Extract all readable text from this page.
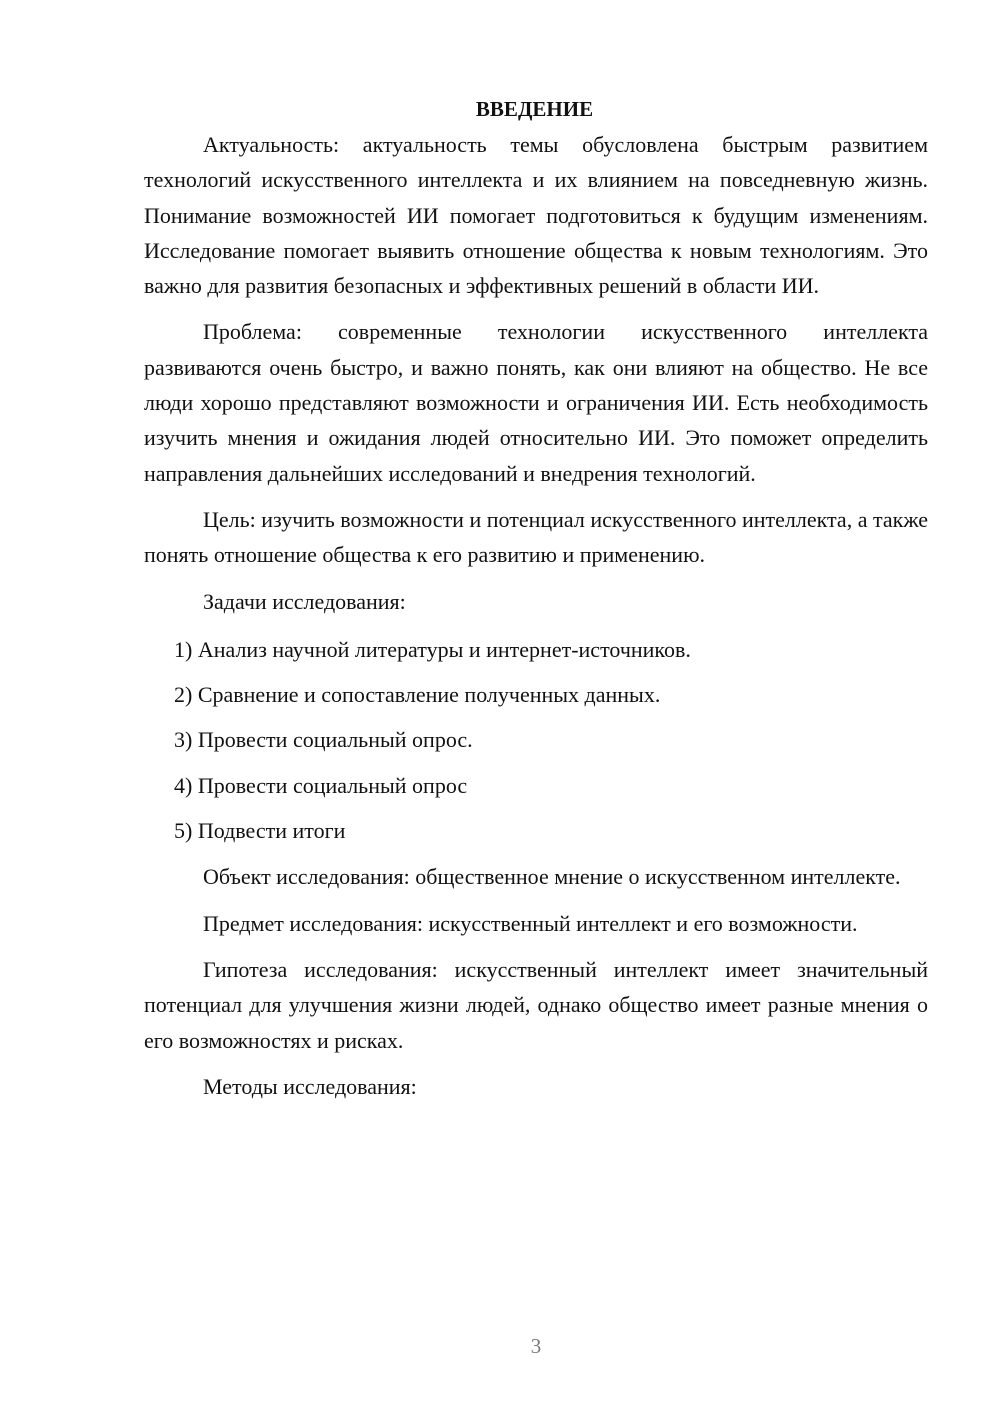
ВВЕДЕНИЕ

Актуальность: актуальность темы обусловлена быстрым развитием технологий искусственного интеллекта и их влиянием на повседневную жизнь. Понимание возможностей ИИ помогает подготовиться к будущим изменениям. Исследование помогает выявить отношение общества к новым технологиям. Это важно для развития безопасных и эффективных решений в области ИИ.

Проблема: современные технологии искусственного интеллекта развиваются очень быстро, и важно понять, как они влияют на общество. Не все люди хорошо представляют возможности и ограничения ИИ. Есть необходимость изучить мнения и ожидания людей относительно ИИ. Это поможет определить направления дальнейших исследований и внедрения технологий.

Цель: изучить возможности и потенциал искусственного интеллекта, а также понять отношение общества к его развитию и применению.

Задачи исследования:

1) Анализ научной литературы и интернет-источников.
2) Сравнение и сопоставление полученных данных.
3) Провести социальный опрос.
4) Провести социальный опрос
5) Подвести итоги

Объект исследования: общественное мнение о искусственном интеллекте.

Предмет исследования: искусственный интеллект и его возможности.

Гипотеза исследования: искусственный интеллект имеет значительный потенциал для улучшения жизни людей, однако общество имеет разные мнения о его возможностях и рисках.

Методы исследования:

3
